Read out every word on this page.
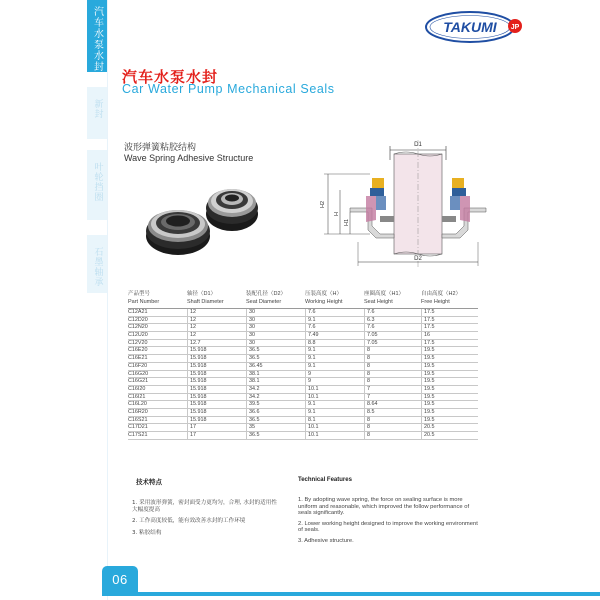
汽车水泵水封
新封
叶轮挡圈
石墨轴承
TAKUMI JP
汽车水泵水封
Car Water Pump Mechanical Seals
波形弹簧粘胶结构
Wave Spring Adhesive Structure
D1
H2
H
H1
D2
产品型号
Part Number
轴径（D1）
Shaft Diameter
装配孔径（D2）
Seat Diameter
压装高度（H）
Working Height
座圈高度（H1）
Seat Height
自由高度（H2）
Free Height
C12A21	12	30	7.6	7.6	17.5
C12D20	12	30	9.1	6.3	17.5
C12N20	12	30	7.6	7.6	17.5
C12U20	12	30	7.49	7.05	16
C12V20	12.7	30	8.8	7.05	17.5
C16E20	15.918	36.5	9.1	8	19.5
C16E21	15.918	36.5	9.1	8	19.5
C16F20	15.918	36.45	9.1	8	19.5
C16G20	15.918	38.1	9	8	19.5
C16G21	15.918	38.1	9	8	19.5
C16I20	15.918	34.2	10.1	7	19.5
C16I21	15.918	34.2	10.1	7	19.5
C16L20	15.918	39.5	9.1	8.64	19.5
C16R20	15.918	36.6	9.1	8.5	19.5
C16S21	15.918	36.5	8.1	8	19.5
C17D21	17	35	10.1	8	20.5
C17S21	17	36.5	10.1	8	20.5
技术特点	Technical Features
1. 采用波形弹簧，密封面受力更均匀，合理, 水封的适用性大幅度提高
2. 工作高度较低，能有效改善水封的工作环境
3. 粘胶结构
1. By adopting wave spring, the force on sealing surface is more uniform and reasonable, which improved the follow performance of seals significantly.
2. Lower working height designed to improve the working environment of seals.
3. Adhesive structure.
06
